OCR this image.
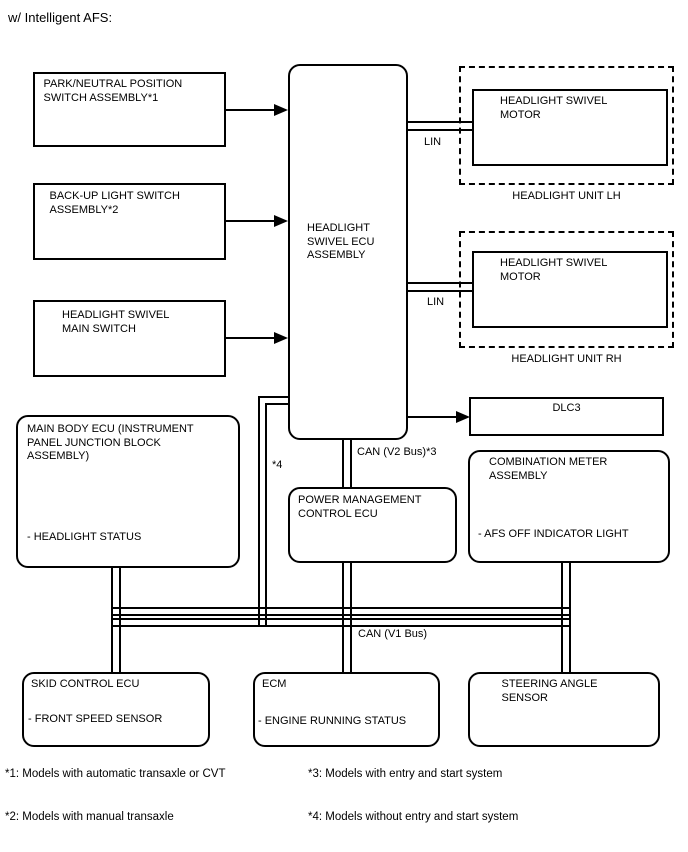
w/ Intelligent AFS:
PARK/NEUTRAL POSITION SWITCH ASSEMBLY*1
BACK-UP LIGHT SWITCH ASSEMBLY*2
HEADLIGHT SWIVEL MAIN SWITCH
*4
HEADLIGHT SWIVEL ECU ASSEMBLY
LIN
LIN
HEADLIGHT SWIVEL MOTOR
HEADLIGHT UNIT LH
HEADLIGHT SWIVEL MOTOR
HEADLIGHT UNIT RH
DLC3
CAN (V2 Bus)*3
MAIN BODY ECU (INSTRUMENT PANEL JUNCTION BLOCK ASSEMBLY)
- HEADLIGHT STATUS
POWER MANAGEMENT CONTROL ECU
COMBINATION METER ASSEMBLY
- AFS OFF INDICATOR LIGHT
CAN (V1 Bus)
SKID CONTROL ECU
- FRONT SPEED SENSOR
ECM
- ENGINE RUNNING STATUS
STEERING ANGLE SENSOR
*1: Models with automatic transaxle or CVT
*2: Models with manual transaxle
*3: Models with entry and start system
*4: Models without entry and start system
